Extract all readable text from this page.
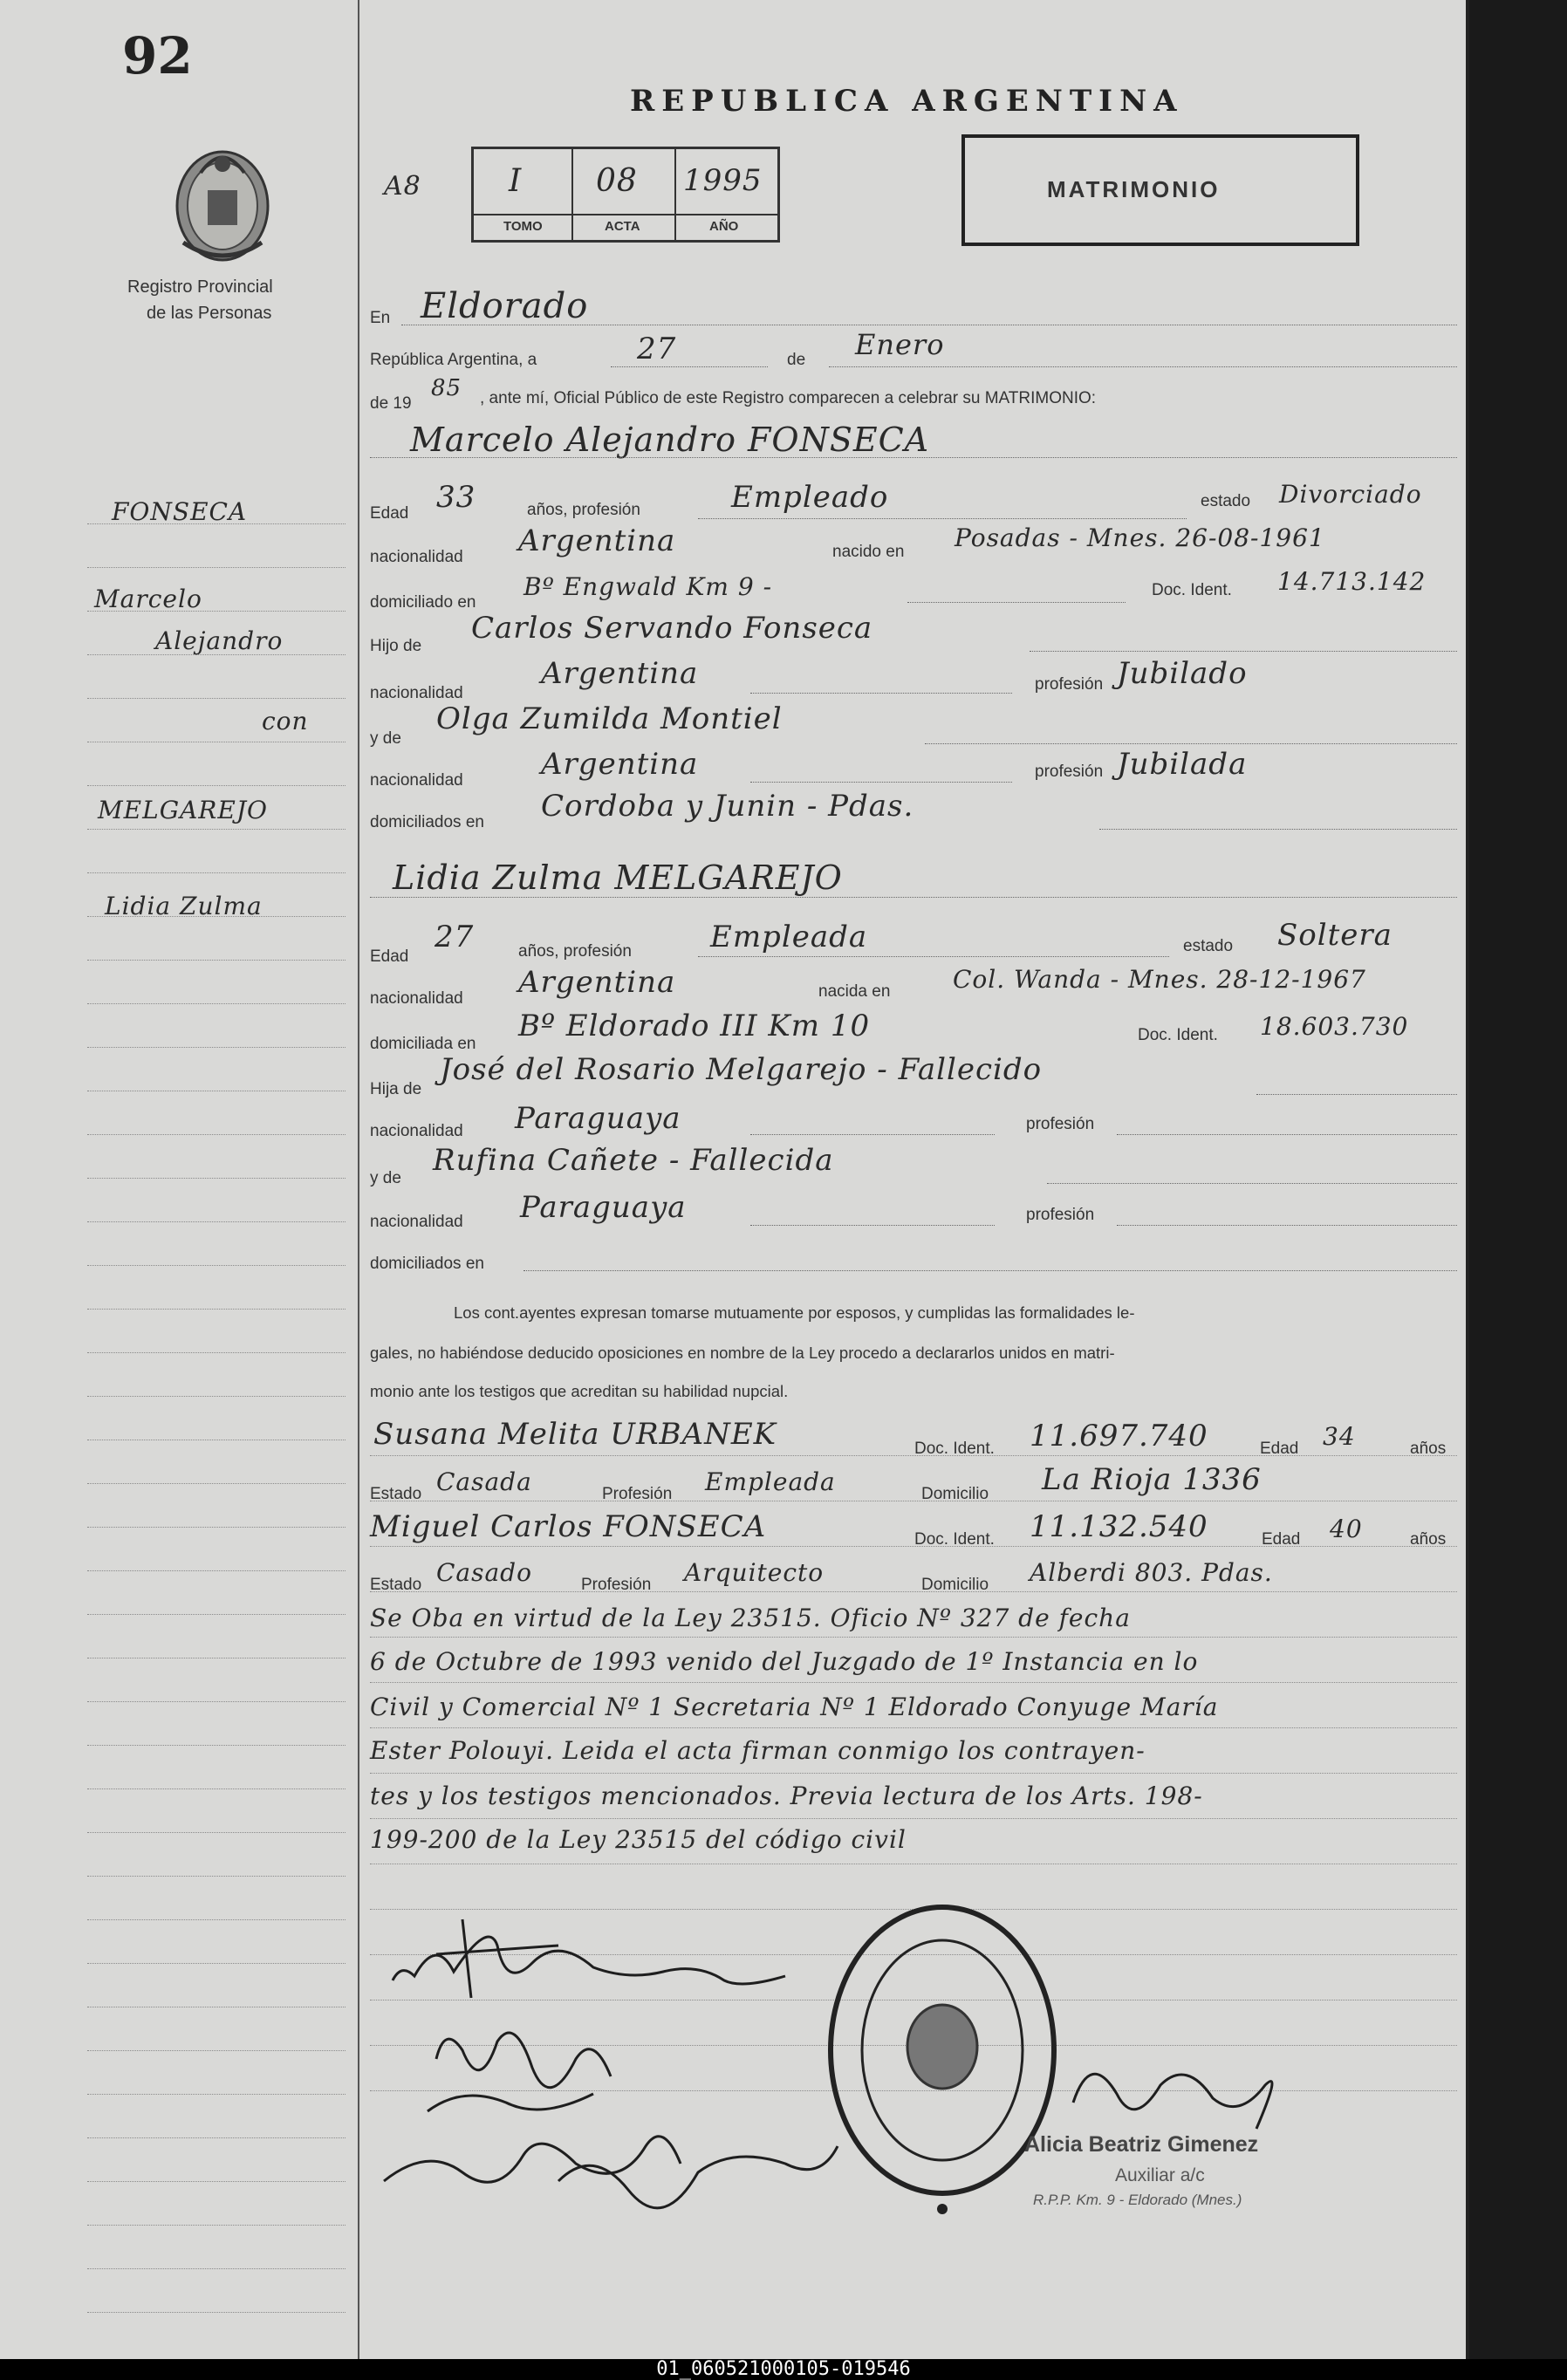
92
Registro Provincial
de las Personas
FONSECA
Marcelo
Alejandro
con
MELGAREJO
Lidia Zulma
REPUBLICA ARGENTINA
A8	I 08 1995
TOMO	ACTA	AÑO
MATRIMONIO
En Eldorado
República Argentina, a	27	de Enero
de 19
85 , ante mí, Oficial Público de este Registro comparecen a celebrar su MATRIMONIO:
Marcelo Alejandro FONSECA
Edad 33	años, profesión	Empleado	estado Divorciado
nacionalidad Argentina	nacido en Posadas - Mnes. 26-08-1961
domiciliado en
Bº Engwald Km 9 -	Doc. Ident. 14.713.142
Hijo de
Carlos Servando Fonseca
nacionalidad
Argentina	profesión Jubilado
y de
Olga Zumilda Montiel
nacionalidad	Argentina	profesión Jubilada
domiciliados en Cordoba y Junin - Pdas.
Lidia Zulma MELGAREJO
Edad
27	años, profesión	Empleada	estado Soltera
nacionalidad Argentina	nacida en	Col. Wanda - Mnes. 28-12-1967
domiciliada en
Bº Eldorado III Km 10	Doc. Ident. 18.603.730
Hija de
José del Rosario Melgarejo - Fallecido
nacionalidad Paraguaya	profesión
y de
Rufina Cañete - Fallecida
nacionalidad Paraguaya	profesión
domiciliados en
Los cont.ayentes expresan tomarse mutuamente por esposos, y cumplidas las formalidades le-
gales, no habiéndose deducido oposiciones en nombre de la Ley procedo a declararlos unidos en matri-
monio ante los testigos que acreditan su habilidad nupcial.
Susana Melita URBANEK	Doc. Ident. 11.697.740	Edad 34	años
Estado Casada	Profesión Empleada	Domicilio La Rioja 1336
Miguel Carlos FONSECA	Doc. Ident. 11.132.540	Edad 40	años
Estado Casado	Profesión Arquitecto	Domicilio Alberdi 803. Pdas.
Se Oba en virtud de la Ley 23515. Oficio Nº 327 de fecha
6 de Octubre de 1993 venido del Juzgado de 1º Instancia en lo
Civil y Comercial Nº 1 Secretaria Nº 1 Eldorado Conyuge María
Ester Polouyi. Leida el acta firman conmigo los contrayen-
tes y los testigos mencionados. Previa lectura de los Arts. 198-
199-200 de la Ley 23515 del código civil
Alicia Beatriz Gimenez
Auxiliar a/c
R.P.P. Km. 9 - Eldorado (Mnes.)
01_060521000105-019546
